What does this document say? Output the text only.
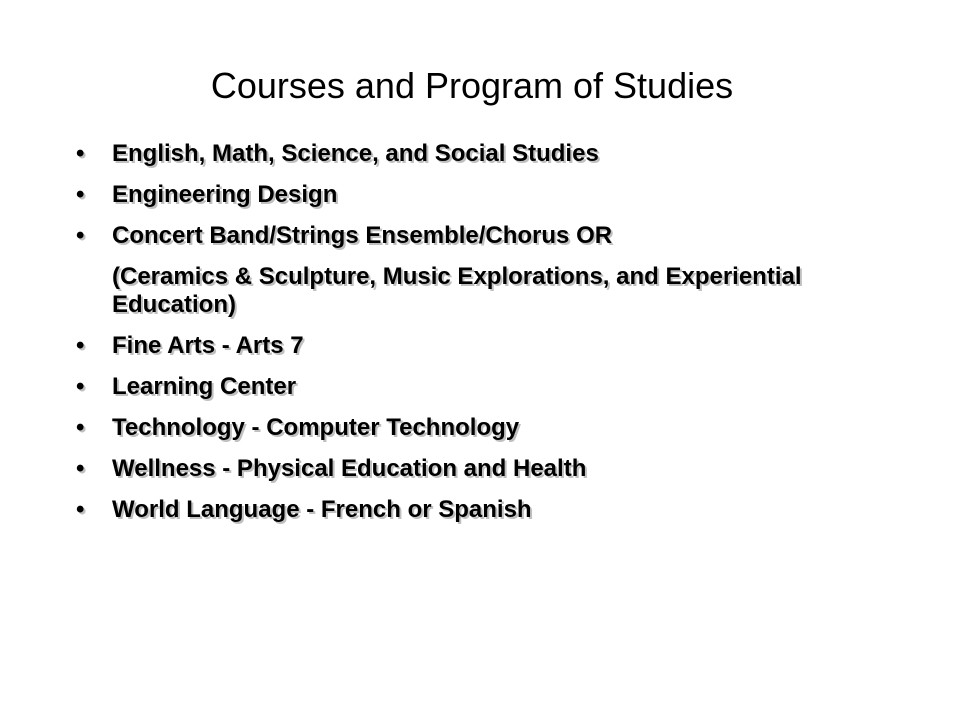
Courses and Program of Studies
•	English, Math, Science, and Social Studies
•	Engineering Design
•	Concert Band/Strings Ensemble/Chorus OR
(Ceramics & Sculpture, Music Explorations, and Experiential Education)
•	Fine Arts - Arts 7
•	Learning Center
•	Technology - Computer Technology
•	Wellness - Physical Education and Health
•	World Language - French or Spanish
